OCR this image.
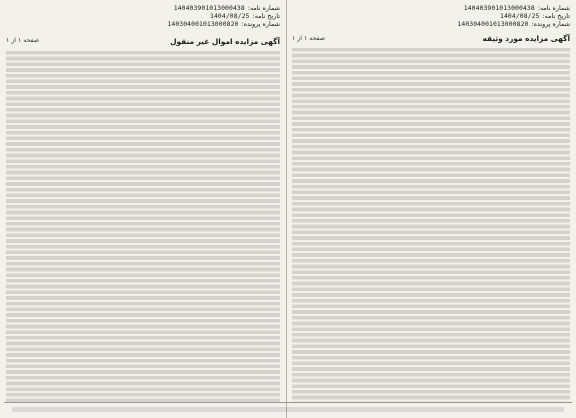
شماره نامه:
140403901013000438
تاریخ نامه:
1404/08/25
شماره پرونده:
140304001013000820
آگهی مزایده مورد وثیقه
صفحه ۱ از ۱
شماره نامه:
140403901013000438
تاریخ نامه:
1404/08/25
شماره پرونده:
140304001013000820
آگهی مزایده اموال غیر منقول
صفحه ۱ از ۱
